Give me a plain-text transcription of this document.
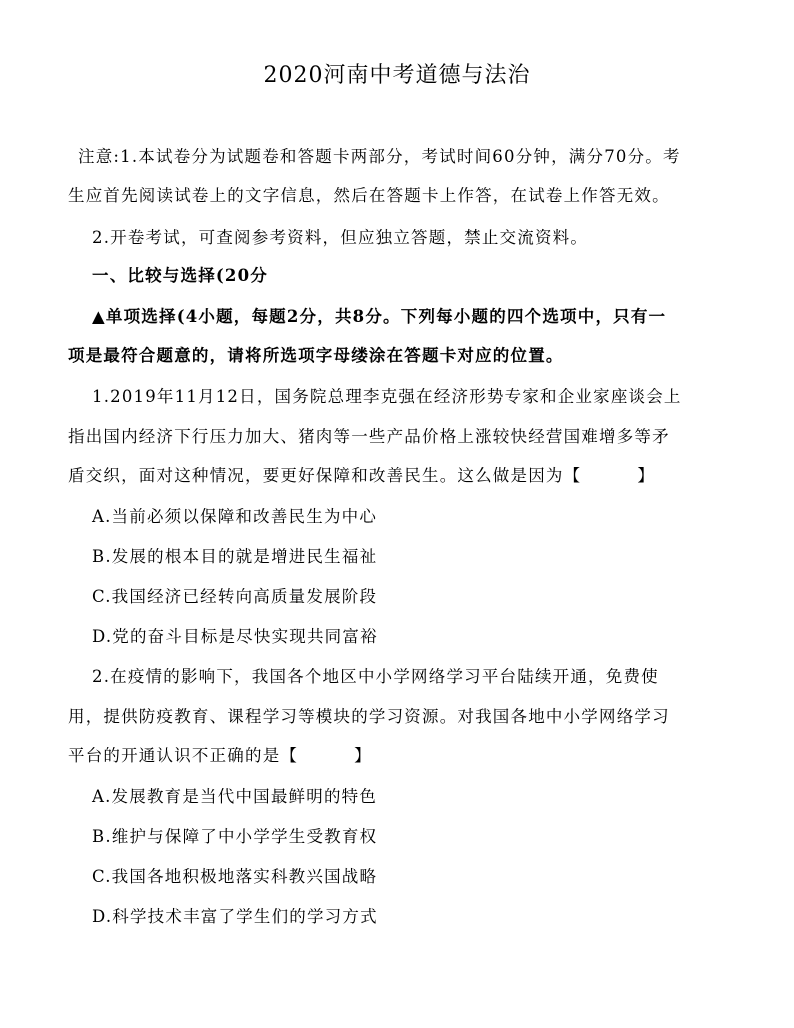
2020河南中考道德与法治
注意:1.本试卷分为试题卷和答题卡两部分，考试时间60分钟，满分70分。考
生应首先阅读试卷上的文字信息，然后在答题卡上作答，在试卷上作答无效。
2.开卷考试，可查阅参考资料，但应独立答题，禁止交流资料。
一、比较与选择(20分
▲单项选择(4小题，每题2分，共8分。下列每小题的四个选项中，只有一
项是最符合题意的，请将所选项字母缕涂在答题卡对应的位置。
1.2019年11月12日，国务院总理李克强在经济形势专家和企业家座谈会上
指出国内经济下行压力加大、猪肉等一些产品价格上涨较快经营国难增多等矛
盾交织，面对这种情况，要更好保障和改善民生。这么做是因为【	】
A.当前必须以保障和改善民生为中心
B.发展的根本目的就是增进民生福祉
C.我国经济已经转向高质量发展阶段
D.党的奋斗目标是尽快实现共同富裕
2.在疫情的影响下，我国各个地区中小学网络学习平台陆续开通，免费使
用，提供防疫教育、课程学习等模块的学习资源。对我国各地中小学网络学习
平台的开通认识不正确的是【	】
A.发展教育是当代中国最鲜明的特色
B.维护与保障了中小学学生受教育权
C.我国各地积极地落实科教兴国战略
D.科学技术丰富了学生们的学习方式
